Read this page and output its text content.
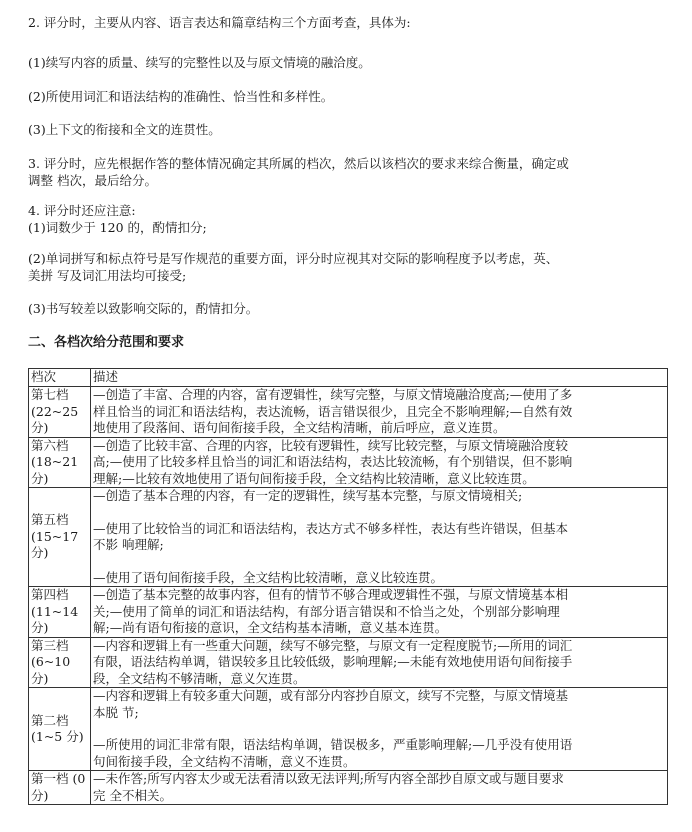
2. 评分时，主要从内容、语言表达和篇章结构三个方面考查，具体为:

(1)续写内容的质量、续写的完整性以及与原文情境的融洽度。

(2)所使用词汇和语法结构的准确性、恰当性和多样性。

(3)上下文的衔接和全文的连贯性。

3. 评分时，应先根据作答的整体情况确定其所属的档次，然后以该档次的要求来综合衡量，确定或
调整 档次，最后给分。
4. 评分时还应注意:
(1)词数少于 120 的，酌情扣分;
(2)单词拼写和标点符号是写作规范的重要方面，评分时应视其对交际的影响程度予以考虑，英、
美拼 写及词汇用法均可接受;

(3)书写较差以致影响交际的，酌情扣分。

二、各档次给分范围和要求

档次	描述

第七档
(22~25 分)	—创造了丰富、合理的内容，富有逻辑性，续写完整，与原文情境融洽度高;—使用了多
样且恰当的词汇和语法结构，表达流畅，语言错误很少，且完全不影响理解;—自然有效
地使用了段落间、语句间衔接手段，全文结构清晰，前后呼应，意义连贯。

第六档
(18~21 分)	—创造了比较丰富、合理的内容，比较有逻辑性，续写比较完整，与原文情境融洽度较
高;—使用了比较多样且恰当的词汇和语法结构，表达比较流畅，有个别错误，但不影响
理解;—比较有效地使用了语句间衔接手段，全文结构比较清晰，意义比较连贯。

第五档
(15~17 分)	—创造了基本合理的内容，有一定的逻辑性，续写基本完整，与原文情境相关;
—使用了比较恰当的词汇和语法结构，表达方式不够多样性，表达有些许错误，但基本
不影 响理解;
—使用了语句间衔接手段，全文结构比较清晰，意义比较连贯。

第四档
(11~14 分)	—创造了基本完整的故事内容，但有的情节不够合理或逻辑性不强，与原文情境基本相
关;—使用了简单的词汇和语法结构，有部分语言错误和不恰当之处，个别部分影响理
解;—尚有语句衔接的意识，全文结构基本清晰，意义基本连贯。

第三档
(6~10 分)	—内容和逻辑上有一些重大问题，续写不够完整，与原文有一定程度脱节;—所用的词汇
有限，语法结构单调，错误较多且比较低级，影响理解;—未能有效地使用语句间衔接手
段，全文结构不够清晰，意义欠连贯。

第二档
(1~5 分)	—内容和逻辑上有较多重大问题，或有部分内容抄自原文，续写不完整，与原文情境基
本脱 节;
—所使用的词汇非常有限，语法结构单调，错误极多，严重影响理解;—几乎没有使用语
句间衔接手段，全文结构不清晰，意义不连贯。

第一档 (0
分)	—未作答;所写内容太少或无法看清以致无法评判;所写内容全部抄自原文或与题目要求
完 全不相关。
